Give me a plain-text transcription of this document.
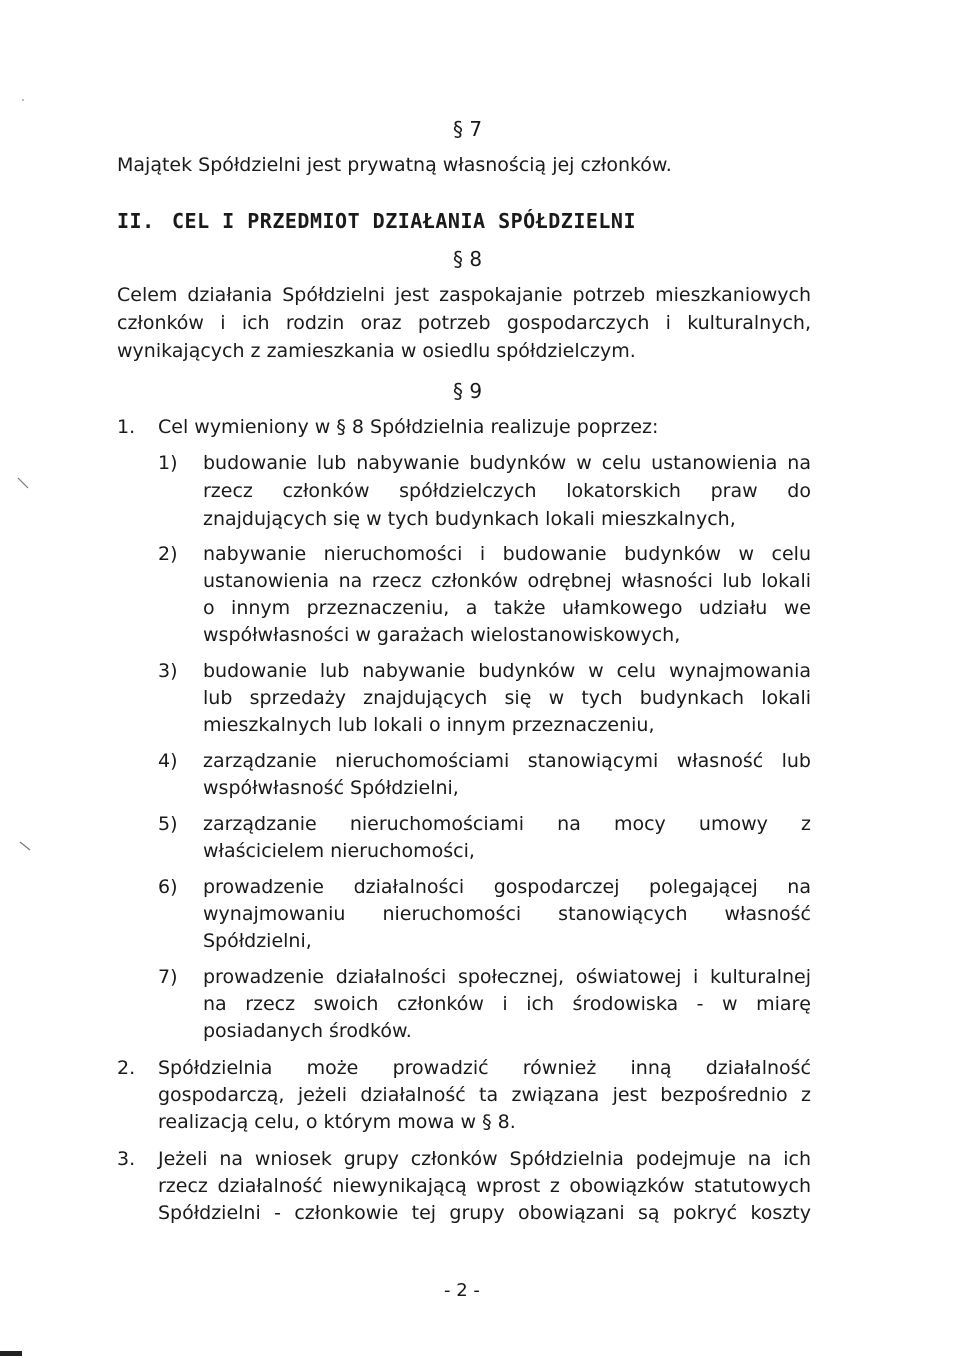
§ 7
Majątek Spółdzielni jest prywatną własnością jej członków.
II. CEL I PRZEDMIOT DZIAŁANIA SPÓŁDZIELNI
§ 8
Celem działania Spółdzielni jest zaspokajanie potrzeb mieszkaniowych
członków i ich rodzin oraz potrzeb gospodarczych i kulturalnych,
wynikających z zamieszkania w osiedlu spółdzielczym.
§ 9
1. Cel wymieniony w § 8 Spółdzielnia realizuje poprzez:
1) budowanie lub nabywanie budynków w celu ustanowienia na
rzecz członków spółdzielczych lokatorskich praw do
znajdujących się w tych budynkach lokali mieszkalnych,
2) nabywanie nieruchomości i budowanie budynków w celu
ustanowienia na rzecz członków odrębnej własności lub lokali
o innym przeznaczeniu, a także ułamkowego udziału we
współwłasności w garażach wielostanowiskowych,
3) budowanie lub nabywanie budynków w celu wynajmowania
lub sprzedaży znajdujących się w tych budynkach lokali
mieszkalnych lub lokali o innym przeznaczeniu,
4) zarządzanie nieruchomościami stanowiącymi własność lub
współwłasność Spółdzielni,
5) zarządzanie nieruchomościami na mocy umowy z
właścicielem nieruchomości,
6) prowadzenie działalności gospodarczej polegającej na
wynajmowaniu nieruchomości stanowiących własność
Spółdzielni,
7) prowadzenie działalności społecznej, oświatowej i kulturalnej
na rzecz swoich członków i ich środowiska - w miarę
posiadanych środków.
2. Spółdzielnia może prowadzić również inną działalność
gospodarczą, jeżeli działalność ta związana jest bezpośrednio z
realizacją celu, o którym mowa w § 8.
3. Jeżeli na wniosek grupy członków Spółdzielnia podejmuje na ich
rzecz działalność niewynikającą wprost z obowiązków statutowych
Spółdzielni - członkowie tej grupy obowiązani są pokryć koszty
- 2 -
